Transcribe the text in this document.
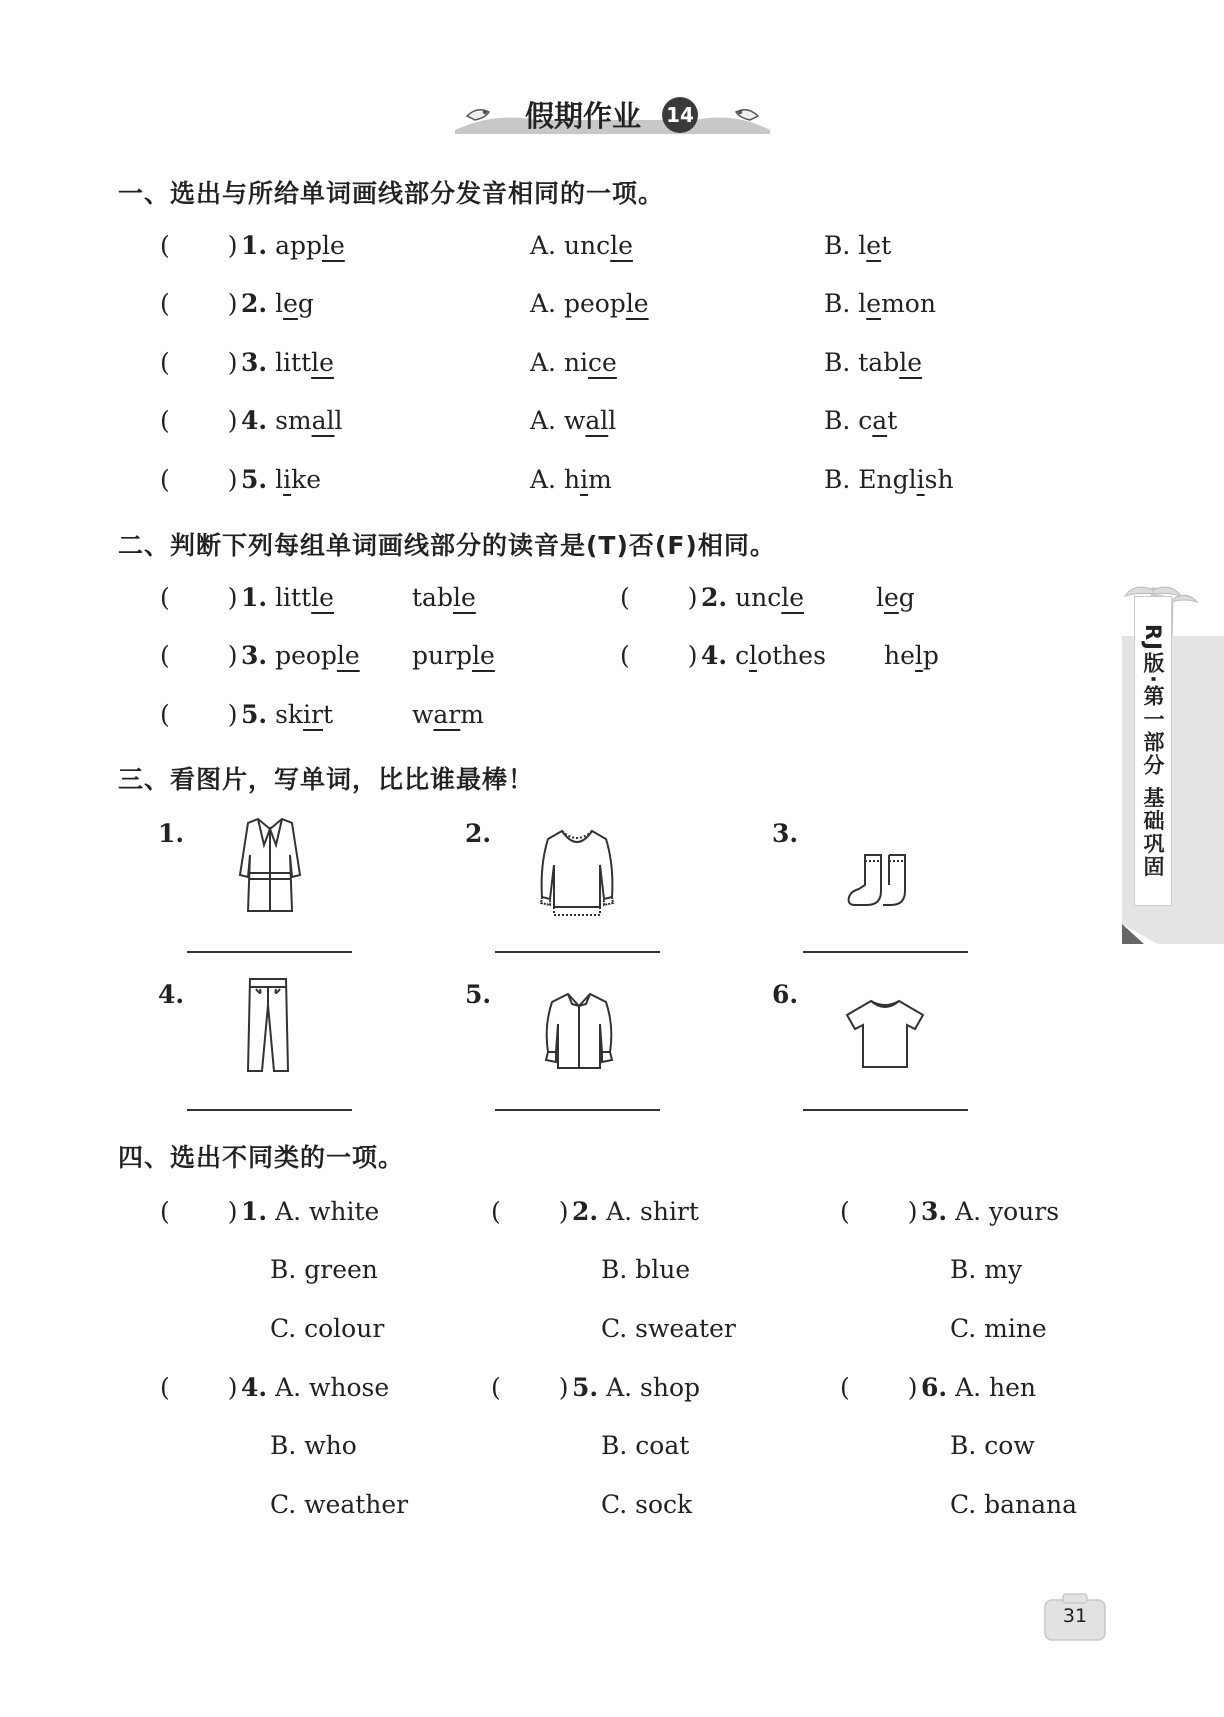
假期作业 14
RJ版·第一部分 基础巩固
一、选出与所给单词画线部分发音相同的一项。
( ) 1. apple	A. uncle	B. let
( ) 2. leg	A. people	B. lemon
( ) 3. little	A. nice	B. table
( ) 4. small	A. wall	B. cat
( ) 5. like	A. him	B. English
二、判断下列每组单词画线部分的读音是(T)否(F)相同。
( ) 1. little	table	( ) 2. uncle	leg
( ) 3. people purple	( ) 4. clothes help
( ) 5. skirt	warm
三、看图片，写单词，比比谁最棒！
1.	2.	3.
4.	5.	6.
四、选出不同类的一项。
( ) 1. A. white
B. green
C. colour
( ) 2. A. shirt
B. blue
C. sweater
( ) 3. A. yours
B. my
C. mine
( ) 4. A. whose
B. who
C. weather
( ) 5. A. shop
B. coat
C. sock
( ) 6. A. hen
B. cow
C. banana
31
